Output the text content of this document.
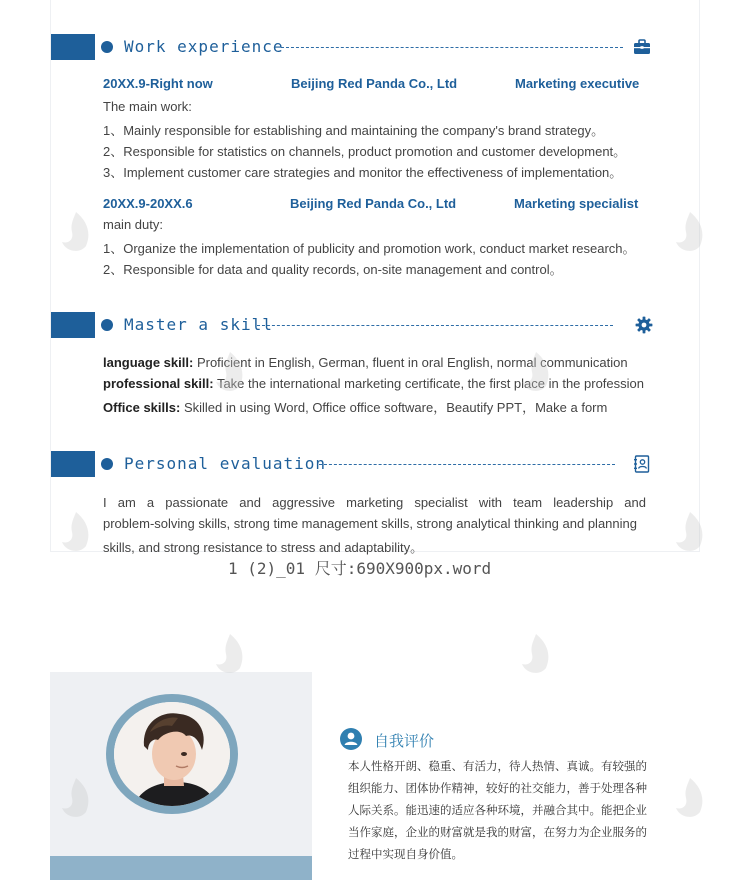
Work experience
20XX.9-Right now	Beijing Red Panda Co., Ltd	Marketing executive
The main work:
1、Mainly responsible for establishing and maintaining the company's brand strategy。
2、Responsible for statistics on channels, product promotion and customer development。
3、Implement customer care strategies and monitor the effectiveness of implementation。
20XX.9-20XX.6	Beijing Red Panda Co., Ltd	Marketing specialist
main duty:
1、Organize the implementation of publicity and promotion work, conduct market research。
2、Responsible for data and quality records, on-site management and control。
Master a skill
language skill: Proficient in English, German, fluent in oral English, normal communication
professional skill: Take the international marketing certificate, the first place in the profession
Office skills: Skilled in using Word, Office office software，Beautify PPT，Make a form
Personal evaluation
I am a passionate and aggressive marketing specialist with team leadership and
problem-solving skills, strong time management skills, strong analytical thinking and planning
skills, and strong resistance to stress and adaptability。
1 (2)_01 尺寸:690X900px.word
自我评价
本人性格开朗、稳重、有活力，待人热情、真诚。有较强的
组织能力、团体协作精神，较好的社交能力，善于处理各种
人际关系。能迅速的适应各种环境，并融合其中。能把企业
当作家庭，企业的财富就是我的财富，在努力为企业服务的
过程中实现自身价值。
